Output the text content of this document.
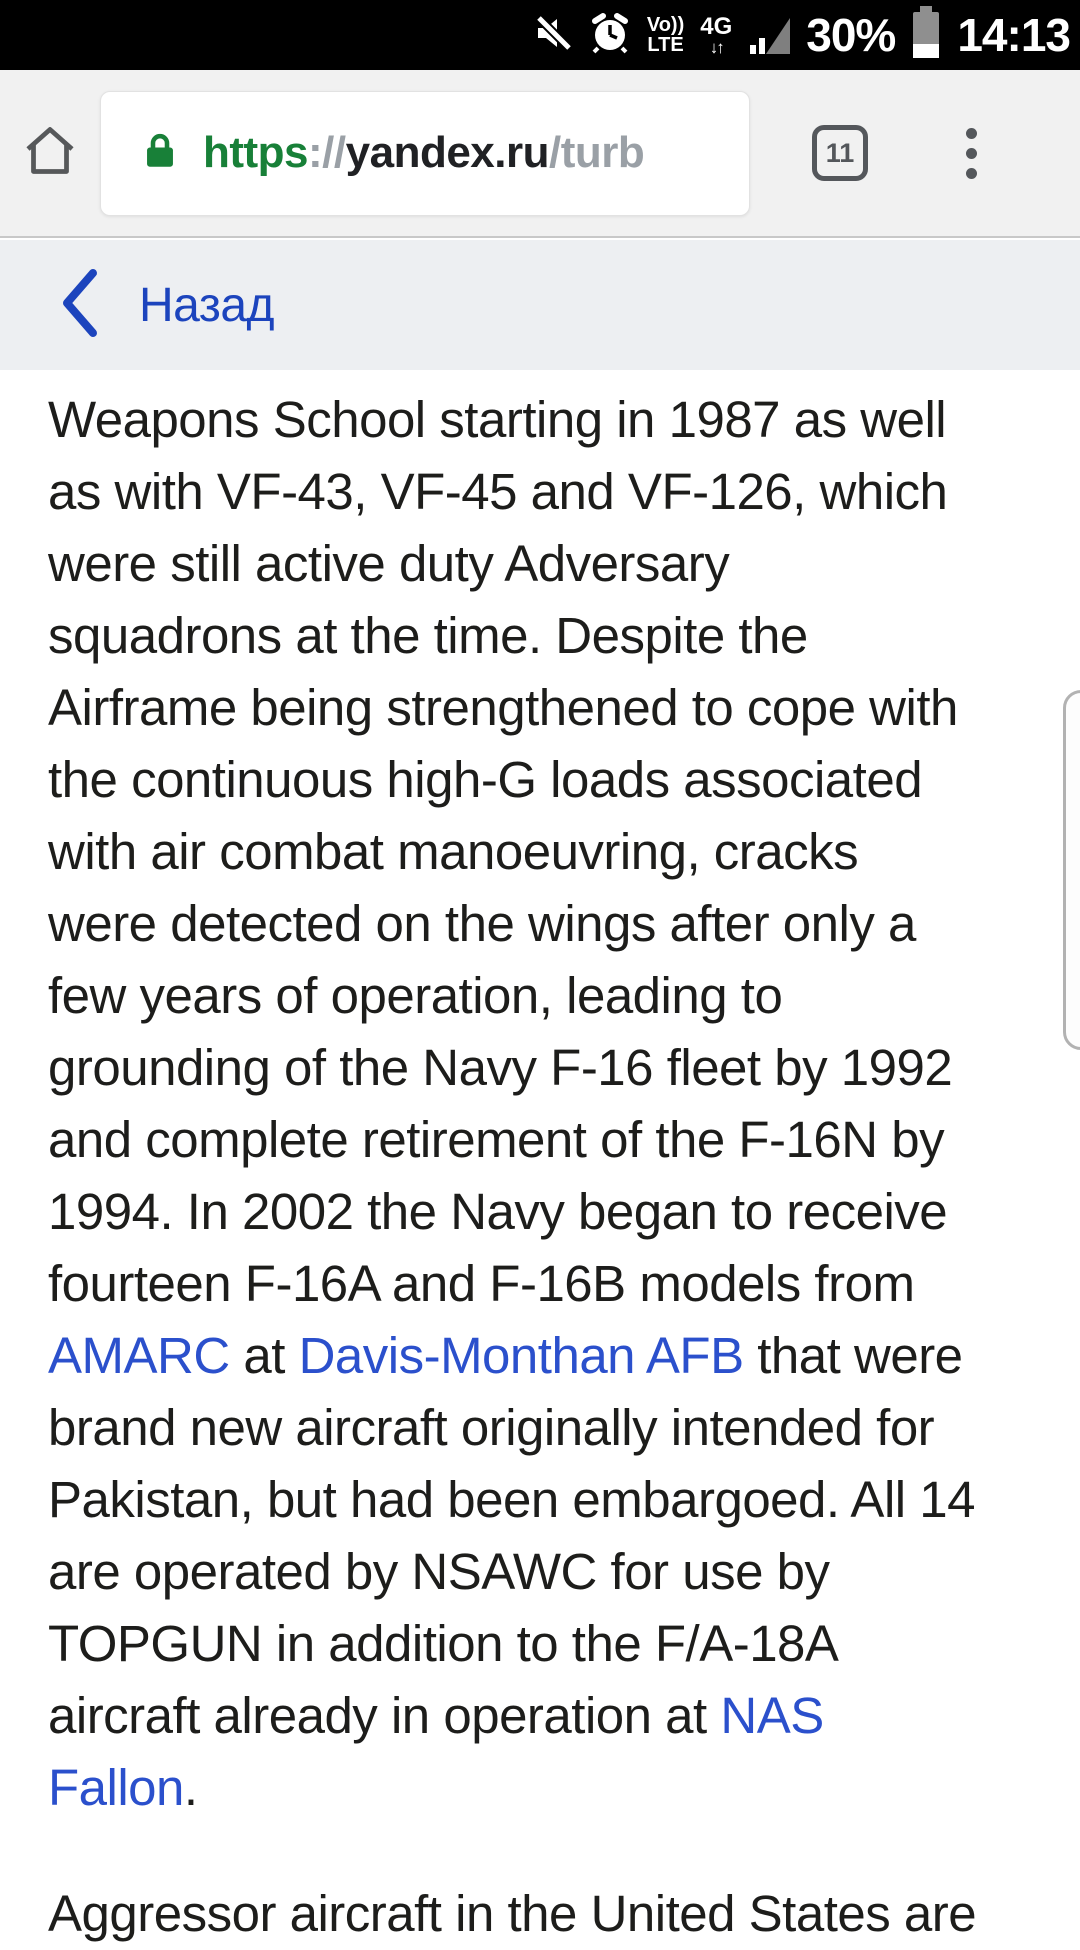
Vo))
LTE
4G
↓↑ 30% 14:13
https://yandex.ru/turb	11
Назад
Weapons School starting in 1987 as well
as with VF-43, VF-45 and VF-126, which
were still active duty Adversary
squadrons at the time. Despite the
Airframe being strengthened to cope with
the continuous high-G loads associated
with air combat manoeuvring, cracks
were detected on the wings after only a
few years of operation, leading to
grounding of the Navy F-16 fleet by 1992
and complete retirement of the F-16N by
1994. In 2002 the Navy began to receive
fourteen F-16A and F-16B models from
AMARC at Davis-Monthan AFB that were
brand new aircraft originally intended for
Pakistan, but had been embargoed. All 14
are operated by NSAWC for use by
TOPGUN in addition to the F/A-18A
aircraft already in operation at NAS
Fallon.
Aggressor aircraft in the United States are
